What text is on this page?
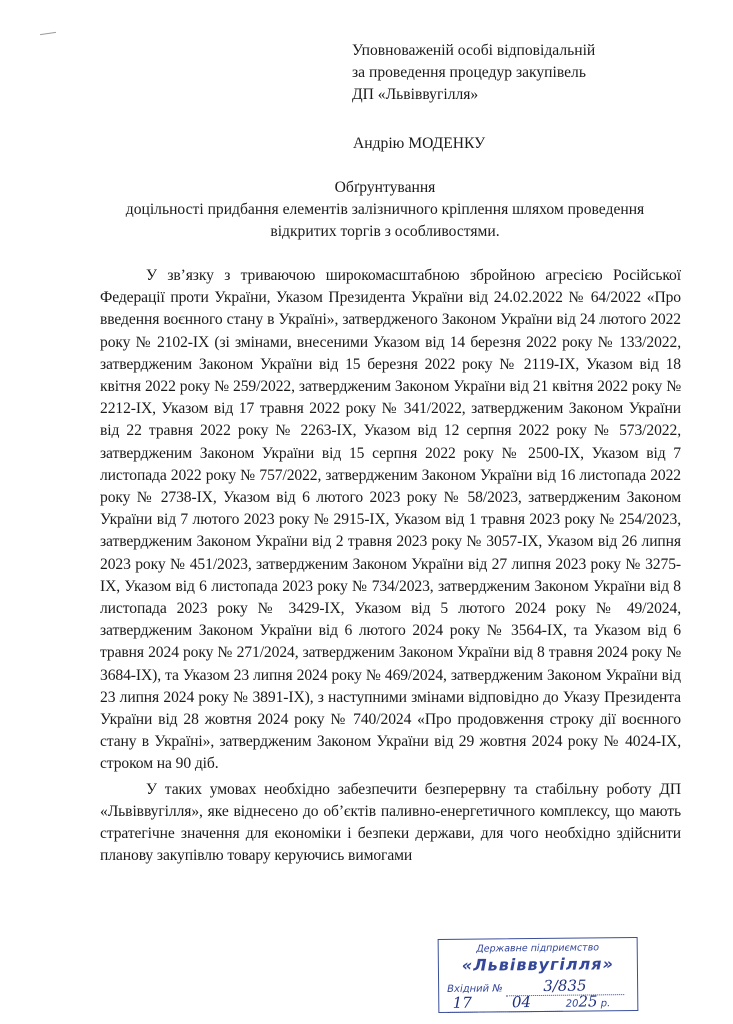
Уповноваженій особі відповідальній
за проведення процедур закупівель
ДП «Львіввугілля»
Андрію МОДЕНКУ
Обґрунтування
доцільності придбання елементів залізничного кріплення шляхом проведення
відкритих торгів з особливостями.

У зв’язку з триваючою широкомасштабною збройною агресією Російської Федерації проти України, Указом Президента України від 24.02.2022 № 64/2022 «Про введення воєнного стану в Україні», затвердженого Законом України від 24 лютого 2022 року № 2102-IX (зі змінами, внесеними Указом від 14 березня 2022 року № 133/2022, затвердженим Законом України від 15 березня 2022 року № 2119-IX, Указом від 18 квітня 2022 року № 259/2022, затвердженим Законом України від 21 квітня 2022 року № 2212-IX, Указом від 17 травня 2022 року № 341/2022, затвердженим Законом України від 22 травня 2022 року № 2263-IX, Указом від 12 серпня 2022 року № 573/2022, затвердженим Законом України від 15 серпня 2022 року № 2500-IX, Указом від 7 листопада 2022 року № 757/2022, затвердженим Законом України від 16 листопада 2022 року № 2738-IX, Указом від 6 лютого 2023 року № 58/2023, затвердженим Законом України від 7 лютого 2023 року № 2915-IX, Указом від 1 травня 2023 року № 254/2023, затвердженим Законом України від 2 травня 2023 року № 3057-IX, Указом від 26 липня 2023 року № 451/2023, затвердженим Законом України від 27 липня 2023 року № 3275-IX, Указом від 6 листопада 2023 року № 734/2023, затвердженим Законом України від 8 листопада 2023 року № 3429-IX, Указом від 5 лютого 2024 року № 49/2024, затвердженим Законом України від 6 лютого 2024 року № 3564-IX, та Указом від 6 травня 2024 року № 271/2024, затвердженим Законом України від 8 травня 2024 року № 3684-IX), та Указом 23 липня 2024 року № 469/2024, затвердженим Законом України від 23 липня 2024 року № 3891-IX), з наступними змінами відповідно до Указу Президента України від 28 жовтня 2024 року № 740/2024 «Про продовження строку дії воєнного стану в Україні», затвердженим Законом України від 29 жовтня 2024 року № 4024-IX, строком на 90 діб.

У таких умовах необхідно забезпечити безперервну та стабільну роботу ДП «Львіввугілля», яке віднесено до об’єктів паливно-енергетичного комплексу, що мають стратегічне значення для економіки і безпеки держави, для чого необхідно здійснити планову закупівлю товару керуючись вимогами

Державне підприємство
«Львіввугілля»
Вхідний №	3/835
17	04	2025 р.
